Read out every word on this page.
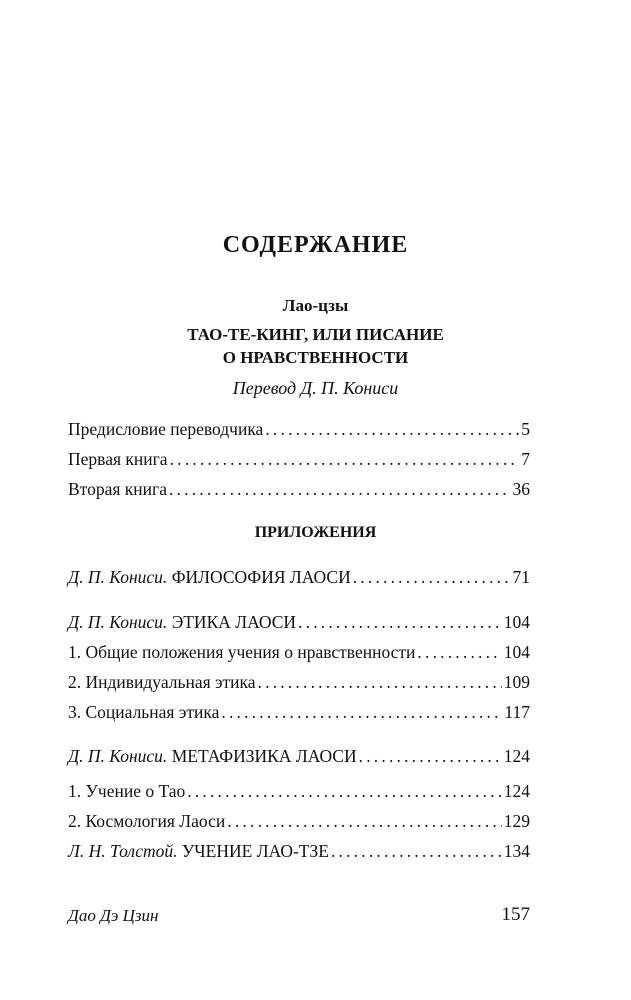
СОДЕРЖАНИЕ
Лао-цзы
ТАО-ТЕ-КИНГ, ИЛИ ПИСАНИЕ
О НРАВСТВЕННОСТИ
Перевод Д. П. Кониси
Предисловие переводчика .....	5
Первая книга .....	7
Вторая книга .....	36
ПРИЛОЖЕНИЯ
Д. П. Кониси. ФИЛОСОФИЯ ЛАОСИ .....	71
Д. П. Кониси. ЭТИКА ЛАОСИ .....	104
1. Общие положения учения о нравственности .....	104
2. Индивидуальная этика .....	109
3. Социальная этика .....	117
Д. П. Кониси. МЕТАФИЗИКА ЛАОСИ .....	124
1. Учение о Тао .....	124
2. Космология Лаоси .....	129
Л. Н. Толстой. УЧЕНИЕ ЛАО-ТЗЕ .....	134
Дао Дэ Цзин	157
